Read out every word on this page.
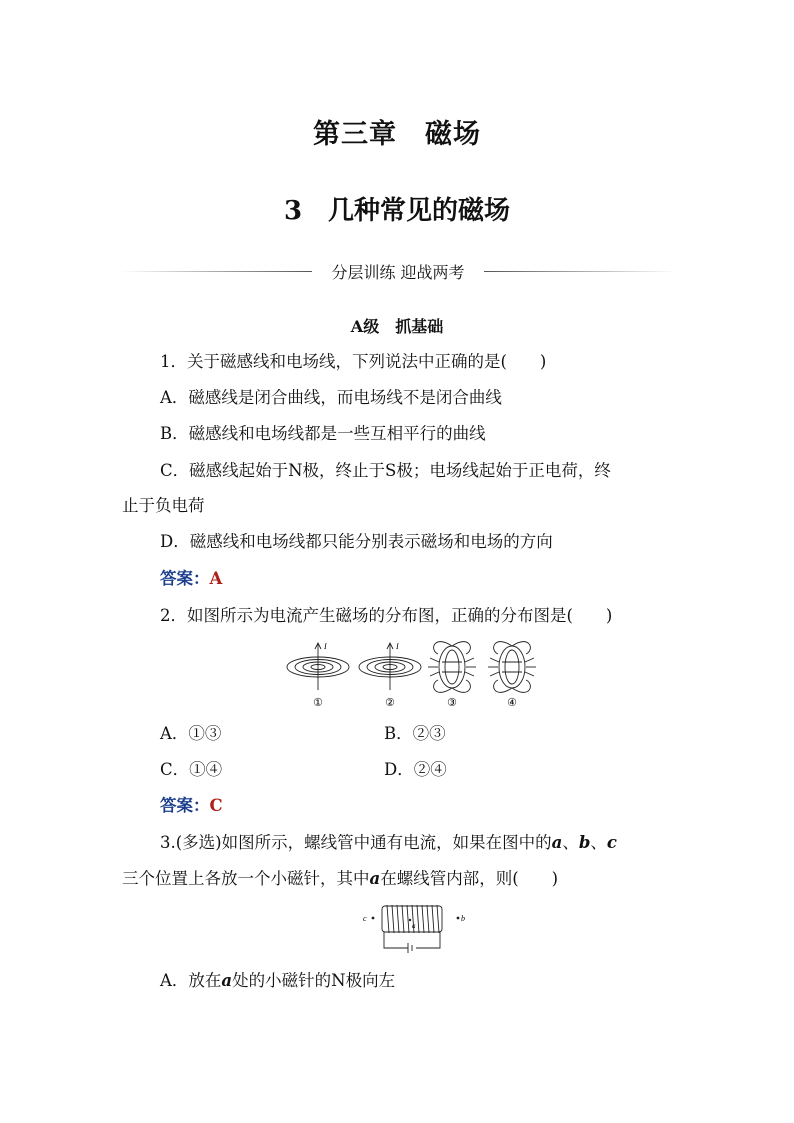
第三章　磁场
3　几种常见的磁场
分层训练 迎战两考
A级　抓基础
1．关于磁感线和电场线，下列说法中正确的是(　　)
A．磁感线是闭合曲线，而电场线不是闭合曲线
B．磁感线和电场线都是一些互相平行的曲线
C．磁感线起始于N极，终止于S极；电场线起始于正电荷，终
止于负电荷
D．磁感线和电场线都只能分别表示磁场和电场的方向
答案：A
2．如图所示为电流产生磁场的分布图，正确的分布图是(　　)
I	I
①	②	③	④
A．①③	B．②③
C．①④	D．②④
答案：C
3.(多选)如图所示，螺线管中通有电流，如果在图中的a、b、c
三个位置上各放一个小磁针，其中a在螺线管内部，则(　　)
c
a
b
A．放在a处的小磁针的N极向左
